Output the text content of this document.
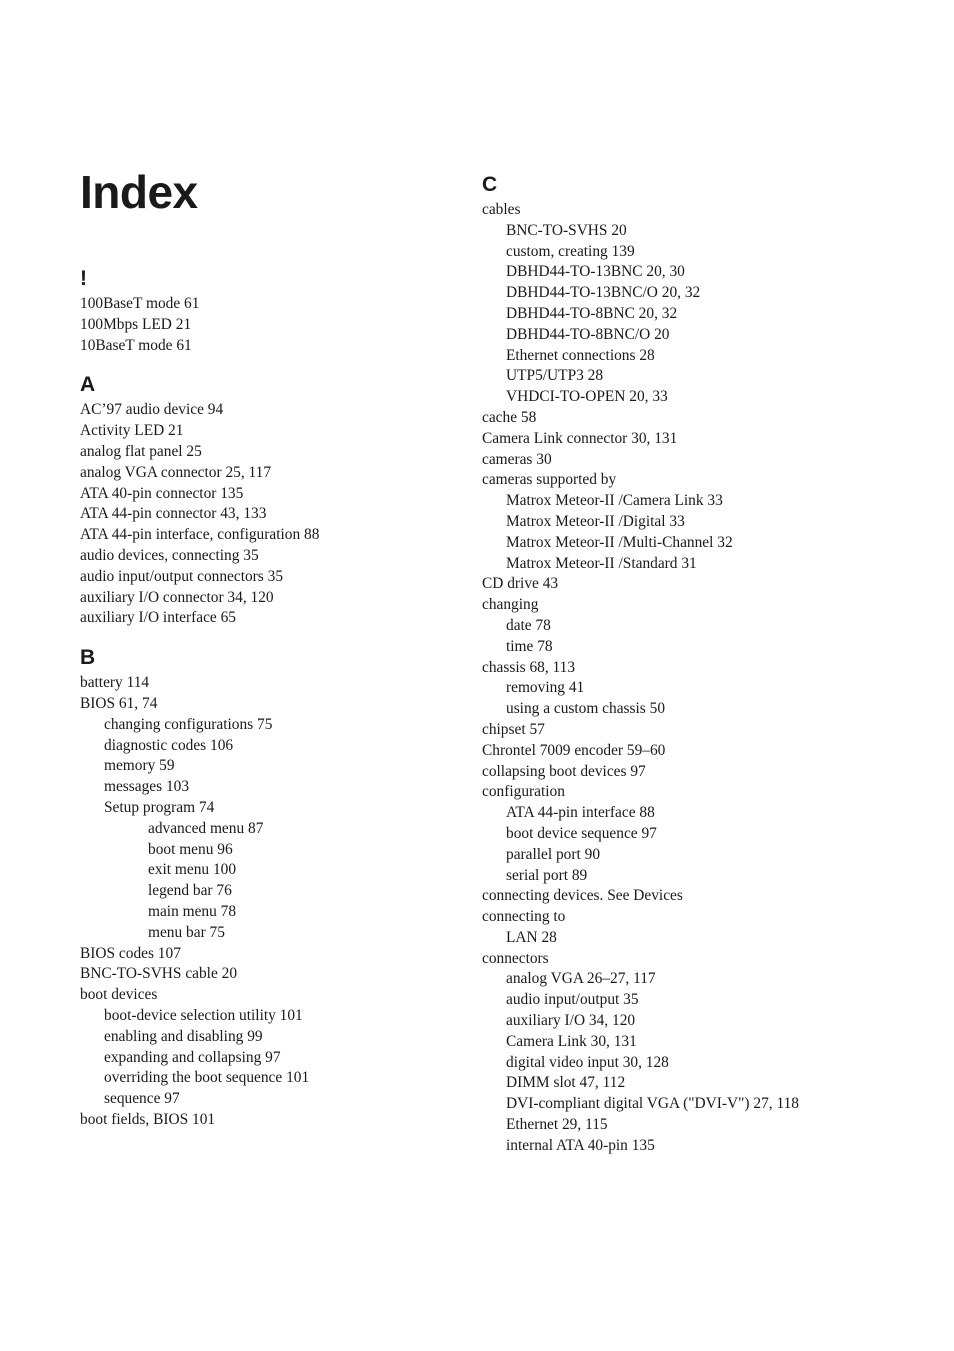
Index
!
100BaseT mode 61
100Mbps LED 21
10BaseT mode 61
A
AC’97 audio device 94
Activity LED 21
analog flat panel 25
analog VGA connector 25, 117
ATA 40-pin connector 135
ATA 44-pin connector 43, 133
ATA 44-pin interface, configuration 88
audio devices, connecting 35
audio input/output connectors 35
auxiliary I/O connector 34, 120
auxiliary I/O interface 65
B
battery 114
BIOS 61, 74
changing configurations 75
diagnostic codes 106
memory 59
messages 103
Setup program 74
advanced menu 87
boot menu 96
exit menu 100
legend bar 76
main menu 78
menu bar 75
BIOS codes 107
BNC-TO-SVHS cable 20
boot devices
boot-device selection utility 101
enabling and disabling 99
expanding and collapsing 97
overriding the boot sequence 101
sequence 97
boot fields, BIOS 101
C
cables
BNC-TO-SVHS 20
custom, creating 139
DBHD44-TO-13BNC 20, 30
DBHD44-TO-13BNC/O 20, 32
DBHD44-TO-8BNC 20, 32
DBHD44-TO-8BNC/O 20
Ethernet connections 28
UTP5/UTP3 28
VHDCI-TO-OPEN 20, 33
cache 58
Camera Link connector 30, 131
cameras 30
cameras supported by
Matrox Meteor-II /Camera Link 33
Matrox Meteor-II /Digital 33
Matrox Meteor-II /Multi-Channel 32
Matrox Meteor-II /Standard 31
CD drive 43
changing
date 78
time 78
chassis 68, 113
removing 41
using a custom chassis 50
chipset 57
Chrontel 7009 encoder 59–60
collapsing boot devices 97
configuration
ATA 44-pin interface 88
boot device sequence 97
parallel port 90
serial port 89
connecting devices. See Devices
connecting to
LAN 28
connectors
analog VGA 26–27, 117
audio input/output 35
auxiliary I/O 34, 120
Camera Link 30, 131
digital video input 30, 128
DIMM slot 47, 112
DVI-compliant digital VGA ("DVI-V") 27, 118
Ethernet 29, 115
internal ATA 40-pin 135
